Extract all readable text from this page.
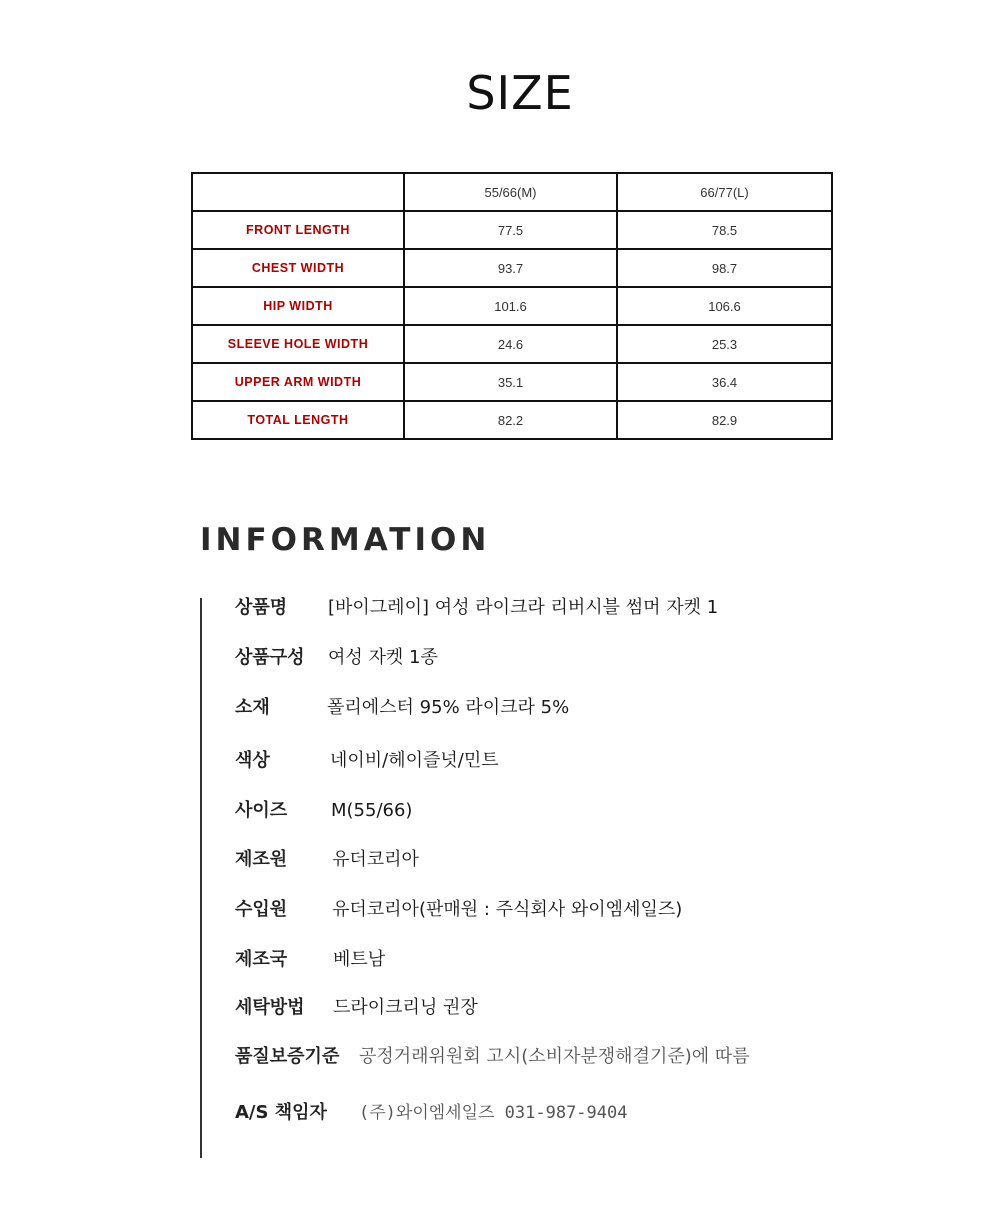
SIZE
	55/66(M)	66/77(L)
FRONT LENGTH	77.5	78.5
CHEST WIDTH	93.7	98.7
HIP WIDTH	101.6	106.6
SLEEVE HOLE WIDTH	24.6	25.3
UPPER ARM WIDTH	35.1	36.4
TOTAL LENGTH	82.2	82.9
INFORMATION
상품명 [바이그레이] 여성 라이크라 리버시블 썸머 자켓 1
상품구성 여성 자켓 1종
소재	폴리에스터 95% 라이크라 5%
색상	네이비/헤이즐넛/민트
사이즈 M(55/66)
제조원 유더코리아
수입원 유더코리아(판매원 : 주식회사 와이엠세일즈)
제조국	베트남
세탁방법 드라이크리닝 권장
품질보증기준 공정거래위원회 고시(소비자분쟁해결기준)에 따름
A/S 책임자 (주)와이엠세일즈 031-987-9404
